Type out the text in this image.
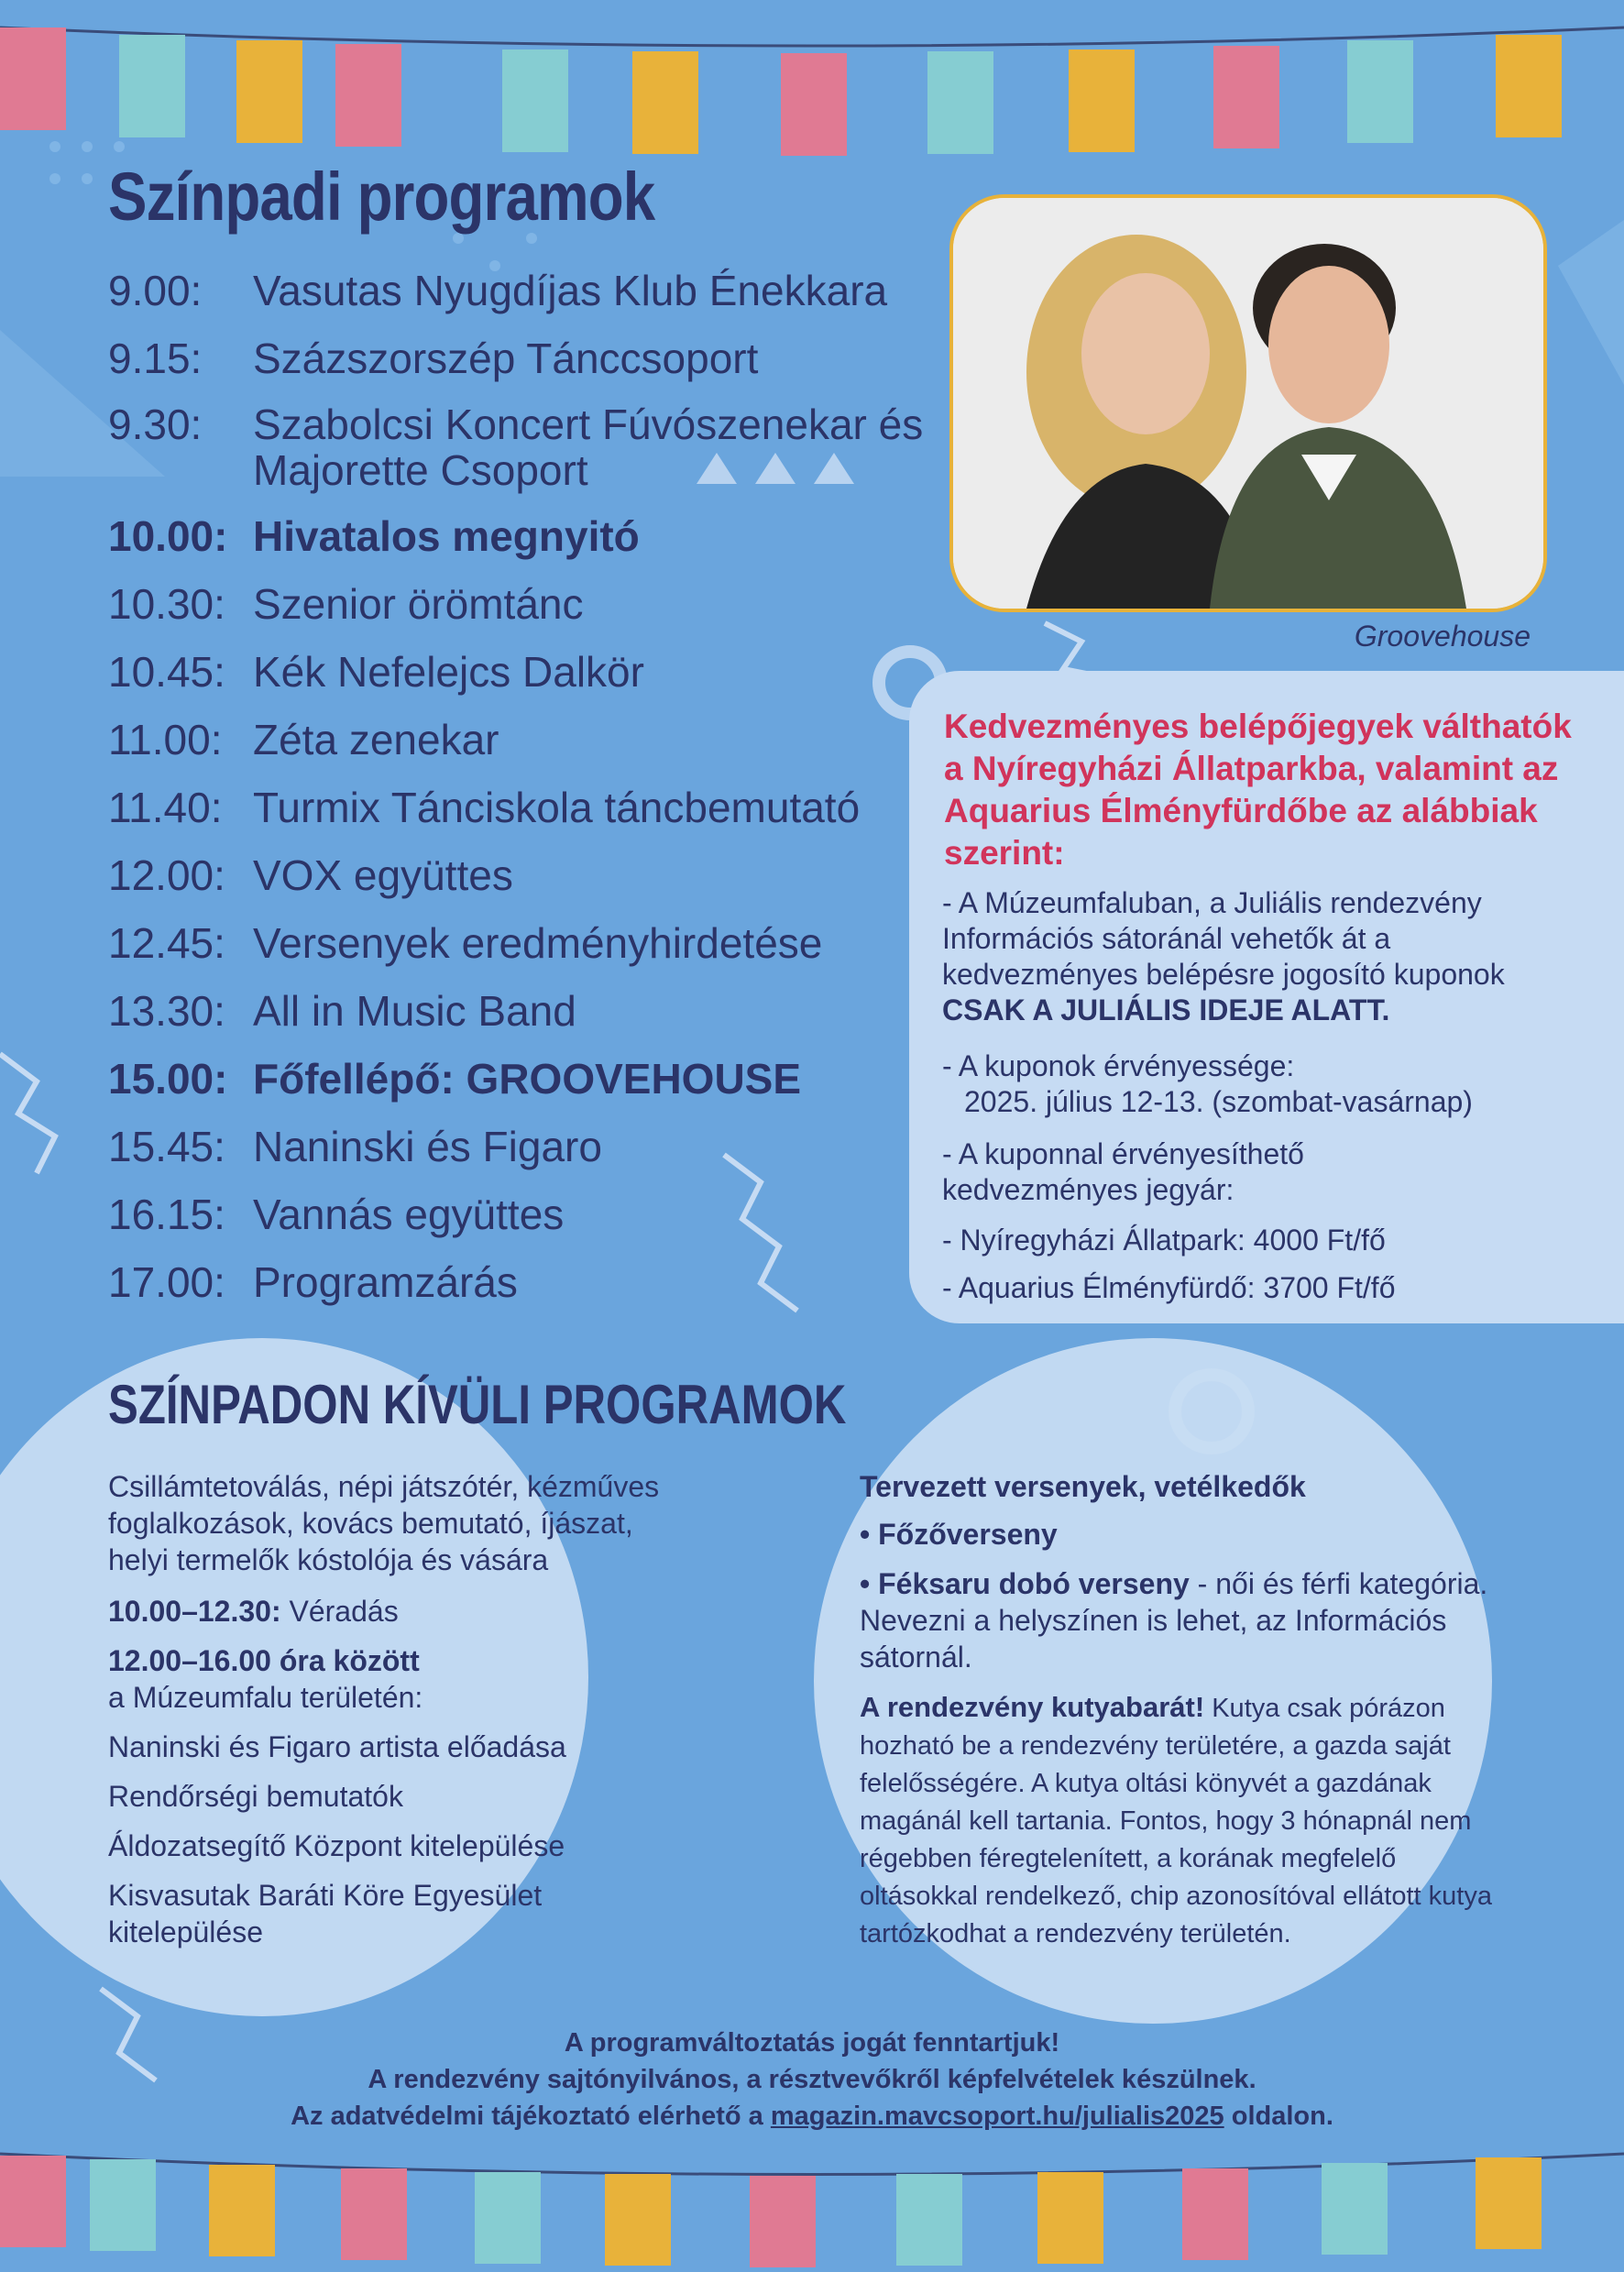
Színpadi programok
9.00:	Vasutas Nyugdíjas Klub Énekkara
9.15:	Százszorszép Tánccsoport
9.30:	Szabolcsi Koncert Fúvószenekar és Majorette Csoport
10.00: Hivatalos megnyitó
10.30: Szenior örömtánc
10.45: Kék Nefelejcs Dalkör
11.00: Zéta zenekar
11.40: Turmix Tánciskola táncbemutató
12.00: VOX együttes
12.45: Versenyek eredményhirdetése
13.30: All in Music Band
15.00: Főfellépő: GROOVEHOUSE
15.45: Naninski és Figaro
16.15: Vannás együttes
17.00: Programzárás
Groovehouse
Kedvezményes belépőjegyek válthatók a Nyíregyházi Állatparkba, valamint az Aquarius Élményfürdőbe az alábbiak szerint:
- A Múzeumfaluban, a Juliális rendezvény Információs sátoránál vehetők át a kedvezményes belépésre jogosító kuponok
CSAK A JULIÁLIS IDEJE ALATT.
- A kuponok érvényessége:
2025. július 12-13. (szombat-vasárnap)
- A kuponnal érvényesíthető kedvezményes jegyár:
- Nyíregyházi Állatpark: 4000 Ft/fő
- Aquarius Élményfürdő: 3700 Ft/fő
SZÍNPADON KÍVÜLI PROGRAMOK
Csillámtetoválás, népi játszótér, kézműves foglalkozások, kovács bemutató, íjászat, helyi termelők kóstolója és vására
10.00–12.30: Véradás
12.00–16.00 óra között
a Múzeumfalu területén:
Naninski és Figaro artista előadása
Rendőrségi bemutatók
Áldozatsegítő Központ kitelepülése
Kisvasutak Baráti Köre Egyesület kitelepülése
Tervezett versenyek, vetélkedők
• Főzőverseny
• Féksaru dobó verseny - női és férfi kategória. Nevezni a helyszínen is lehet, az Információs sátornál.
A rendezvény kutyabarát! Kutya csak pórázon hozható be a rendezvény területére, a gazda saját felelősségére. A kutya oltási könyvét a gazdának magánál kell tartania. Fontos, hogy 3 hónapnál nem régebben féregtelenített, a korának megfelelő oltásokkal rendelkező, chip azonosítóval ellátott kutya tartózkodhat a rendezvény területén.
A programváltoztatás jogát fenntartjuk!
A rendezvény sajtónyilvános, a résztvevőkről képfelvételek készülnek.
Az adatvédelmi tájékoztató elérhető a magazin.mavcsoport.hu/julialis2025 oldalon.
